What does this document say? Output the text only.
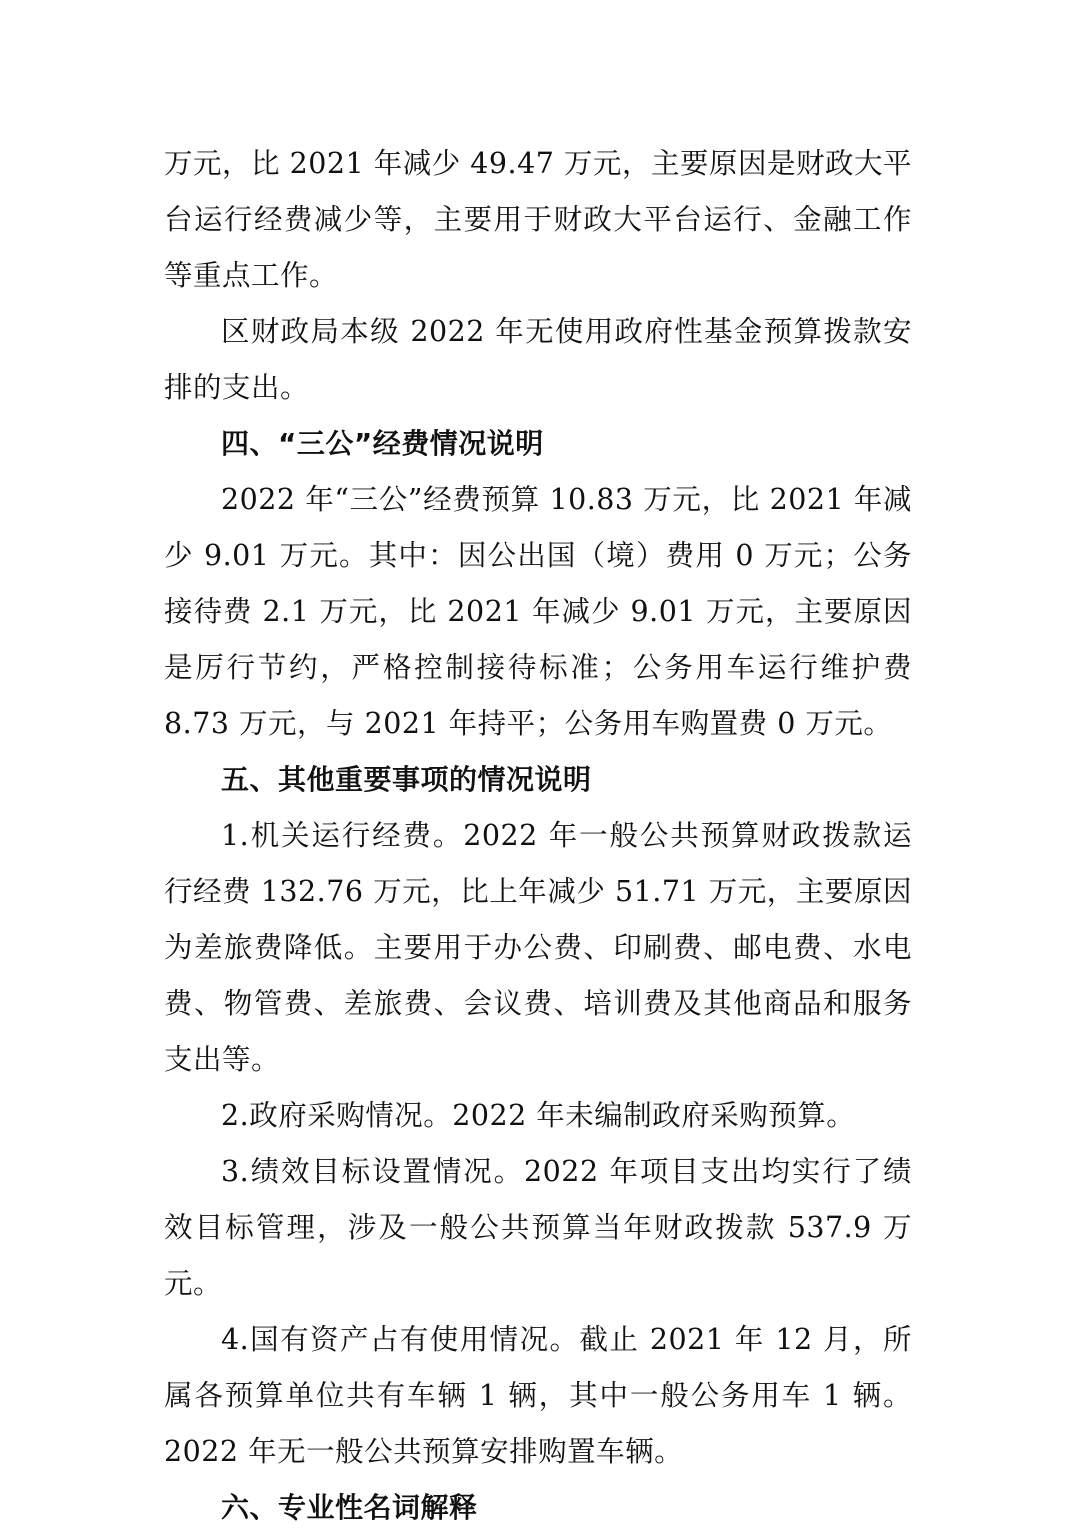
万元，比 2021 年减少 49.47 万元，主要原因是财政大平台运行经费减少等，主要用于财政大平台运行、金融工作等重点工作。

区财政局本级 2022 年无使用政府性基金预算拨款安排的支出。

四、“三公”经费情况说明

2022 年“三公”经费预算 10.83 万元，比 2021 年减少 9.01 万元。其中：因公出国（境）费用 0 万元；公务接待费 2.1 万元，比 2021 年减少 9.01 万元，主要原因是厉行节约，严格控制接待标准；公务用车运行维护费 8.73 万元，与 2021 年持平；公务用车购置费 0 万元。

五、其他重要事项的情况说明

1.机关运行经费。2022 年一般公共预算财政拨款运行经费 132.76 万元，比上年减少 51.71 万元，主要原因为差旅费降低。主要用于办公费、印刷费、邮电费、水电费、物管费、差旅费、会议费、培训费及其他商品和服务支出等。

2.政府采购情况。2022 年未编制政府采购预算。

3.绩效目标设置情况。2022 年项目支出均实行了绩效目标管理，涉及一般公共预算当年财政拨款 537.9 万元。

4.国有资产占有使用情况。截止 2021 年 12 月，所属各预算单位共有车辆 1 辆，其中一般公务用车 1 辆。2022 年无一般公共预算安排购置车辆。

六、专业性名词解释
